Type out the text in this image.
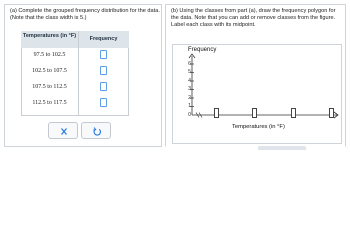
(a) Complete the grouped frequency distribution for the data. (Note that the class width is 5.)
Temperatures (in °F)	Frequency
97.5 to 102.5
102.5 to 107.5
107.5 to 112.5
112.5 to 117.5
(b) Using the classes from part (a), draw the frequency polygon for the data. Note that you can add or remove classes from the figure. Label each class with its midpoint.
Frequency
6
5
4
3
2
1
0
Temperatures (in °F)
